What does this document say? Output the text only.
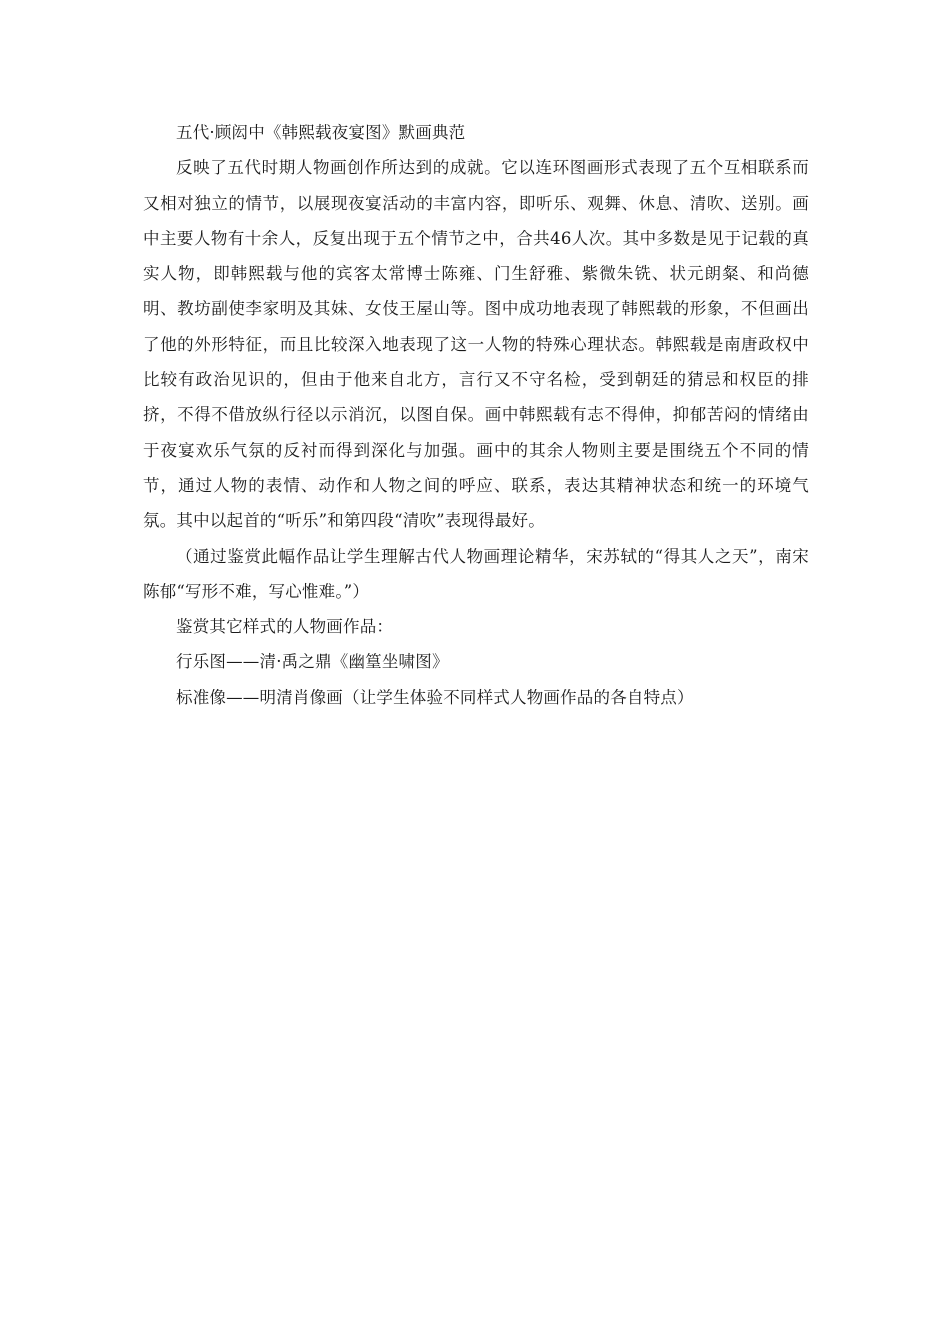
五代·顾闳中《韩熙载夜宴图》默画典范

反映了五代时期人物画创作所达到的成就。它以连环图画形式表现了五个互相联系而又相对独立的情节，以展现夜宴活动的丰富内容，即听乐、观舞、休息、清吹、送别。画中主要人物有十余人，反复出现于五个情节之中，合共46人次。其中多数是见于记载的真实人物，即韩熙载与他的宾客太常博士陈雍、门生舒雅、紫微朱铣、状元朗粲、和尚德明、教坊副使李家明及其妹、女伎王屋山等。图中成功地表现了韩熙载的形象，不但画出了他的外形特征，而且比较深入地表现了这一人物的特殊心理状态。韩熙载是南唐政权中比较有政治见识的，但由于他来自北方，言行又不守名检，受到朝廷的猜忌和权臣的排挤，不得不借放纵行径以示消沉，以图自保。画中韩熙载有志不得伸，抑郁苦闷的情绪由于夜宴欢乐气氛的反衬而得到深化与加强。画中的其余人物则主要是围绕五个不同的情节，通过人物的表情、动作和人物之间的呼应、联系，表达其精神状态和统一的环境气氛。其中以起首的“听乐”和第四段“清吹”表现得最好。

（通过鉴赏此幅作品让学生理解古代人物画理论精华，宋苏轼的“得其人之天”，南宋陈郁“写形不难，写心惟难。”）

鉴赏其它样式的人物画作品：

行乐图——清·禹之鼎《幽篁坐啸图》

标准像——明清肖像画（让学生体验不同样式人物画作品的各自特点）
